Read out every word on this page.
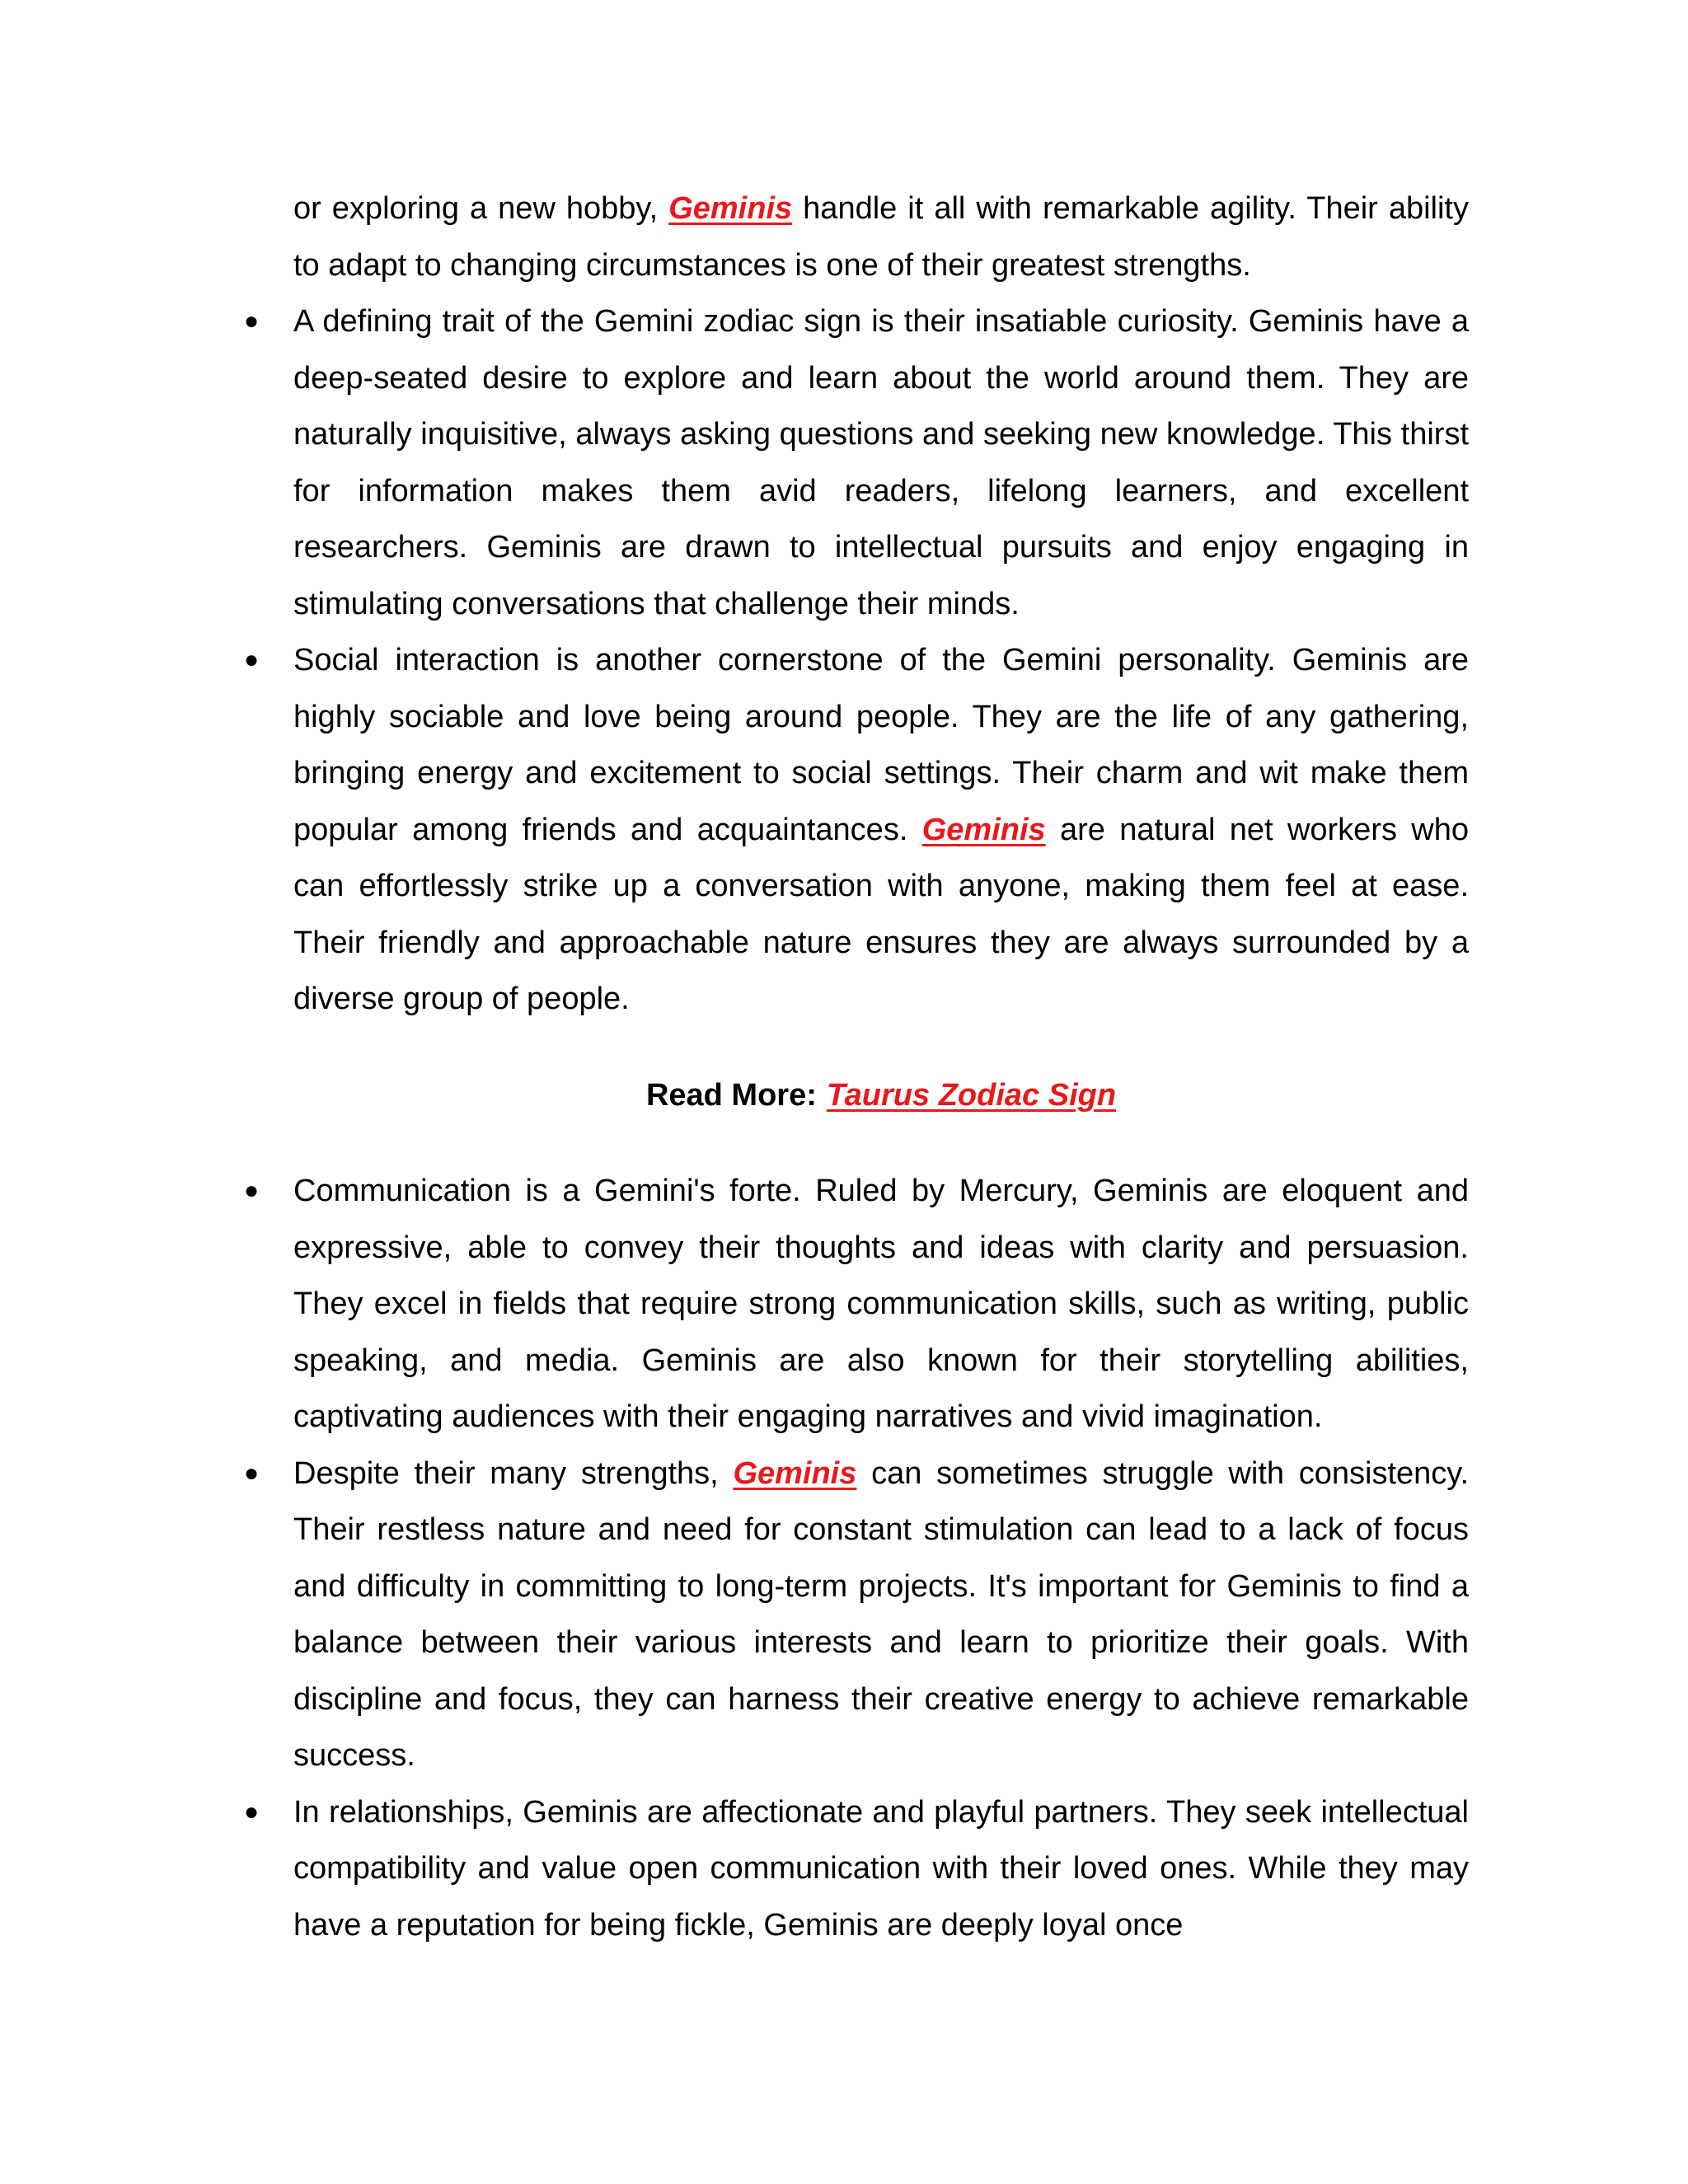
or exploring a new hobby, Geminis handle it all with remarkable agility. Their ability to adapt to changing circumstances is one of their greatest strengths.

● A defining trait of the Gemini zodiac sign is their insatiable curiosity. Geminis have a deep-seated desire to explore and learn about the world around them. They are naturally inquisitive, always asking questions and seeking new knowledge. This thirst for information makes them avid readers, lifelong learners, and excellent researchers. Geminis are drawn to intellectual pursuits and enjoy engaging in stimulating conversations that challenge their minds.

● Social interaction is another cornerstone of the Gemini personality. Geminis are highly sociable and love being around people. They are the life of any gathering, bringing energy and excitement to social settings. Their charm and wit make them popular among friends and acquaintances. Geminis are natural net workers who can effortlessly strike up a conversation with anyone, making them feel at ease. Their friendly and approachable nature ensures they are always surrounded by a diverse group of people.

Read More: Taurus Zodiac Sign

● Communication is a Gemini's forte. Ruled by Mercury, Geminis are eloquent and expressive, able to convey their thoughts and ideas with clarity and persuasion. They excel in fields that require strong communication skills, such as writing, public speaking, and media. Geminis are also known for their storytelling abilities, captivating audiences with their engaging narratives and vivid imagination.

● Despite their many strengths, Geminis can sometimes struggle with consistency. Their restless nature and need for constant stimulation can lead to a lack of focus and difficulty in committing to long-term projects. It's important for Geminis to find a balance between their various interests and learn to prioritize their goals. With discipline and focus, they can harness their creative energy to achieve remarkable success.

● In relationships, Geminis are affectionate and playful partners. They seek intellectual compatibility and value open communication with their loved ones. While they may have a reputation for being fickle, Geminis are deeply loyal once
